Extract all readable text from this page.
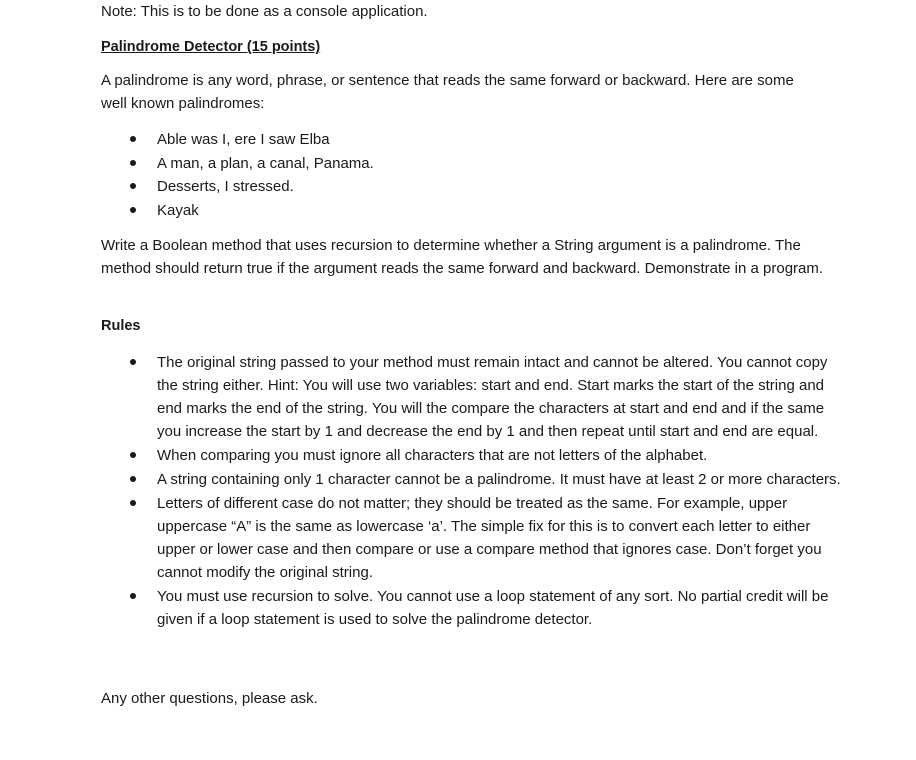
Note: This is to be done as a console application.

Palindrome Detector (15 points)

A palindrome is any word, phrase, or sentence that reads the same forward or backward. Here are some well known palindromes:

Able was I, ere I saw Elba
A man, a plan, a canal, Panama.
Desserts, I stressed.
Kayak

Write a Boolean method that uses recursion to determine whether a String argument is a palindrome. The method should return true if the argument reads the same forward and backward. Demonstrate in a program.

Rules

The original string passed to your method must remain intact and cannot be altered. You cannot copy the string either. Hint: You will use two variables: start and end. Start marks the start of the string and end marks the end of the string. You will the compare the characters at start and end and if the same you increase the start by 1 and decrease the end by 1 and then repeat until start and end are equal.
When comparing you must ignore all characters that are not letters of the alphabet.
A string containing only 1 character cannot be a palindrome. It must have at least 2 or more characters.
Letters of different case do not matter; they should be treated as the same. For example, upper uppercase “A” is the same as lowercase ‘a’. The simple fix for this is to convert each letter to either upper or lower case and then compare or use a compare method that ignores case. Don’t forget you cannot modify the original string.
You must use recursion to solve. You cannot use a loop statement of any sort. No partial credit will be given if a loop statement is used to solve the palindrome detector.

Any other questions, please ask.
